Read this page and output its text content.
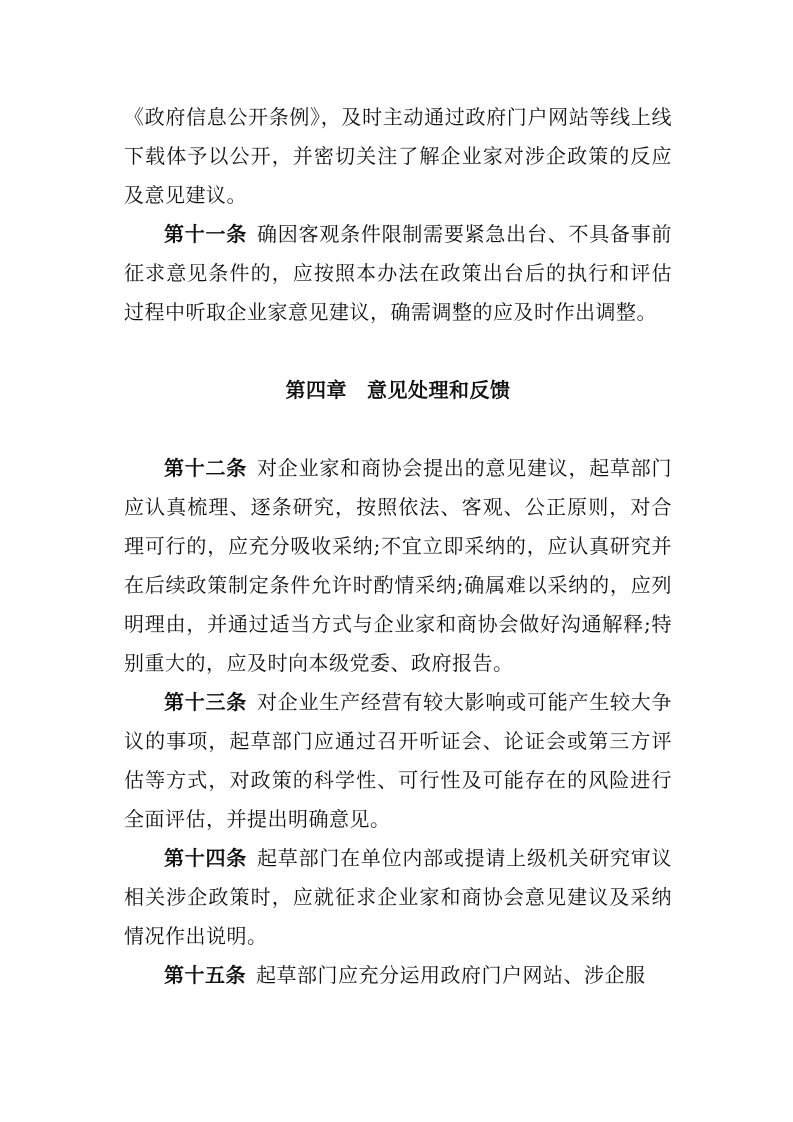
《政府信息公开条例》，及时主动通过政府门户网站等线上线下载体予以公开，并密切关注了解企业家对涉企政策的反应及意见建议。

第十一条 确因客观条件限制需要紧急出台、不具备事前征求意见条件的，应按照本办法在政策出台后的执行和评估过程中听取企业家意见建议，确需调整的应及时作出调整。

第四章 意见处理和反馈

第十二条 对企业家和商协会提出的意见建议，起草部门应认真梳理、逐条研究，按照依法、客观、公正原则，对合理可行的，应充分吸收采纳;不宜立即采纳的，应认真研究并在后续政策制定条件允许时酌情采纳;确属难以采纳的，应列明理由，并通过适当方式与企业家和商协会做好沟通解释;特别重大的，应及时向本级党委、政府报告。

第十三条 对企业生产经营有较大影响或可能产生较大争议的事项，起草部门应通过召开听证会、论证会或第三方评估等方式，对政策的科学性、可行性及可能存在的风险进行全面评估，并提出明确意见。

第十四条 起草部门在单位内部或提请上级机关研究审议相关涉企政策时，应就征求企业家和商协会意见建议及采纳情况作出说明。

第十五条 起草部门应充分运用政府门户网站、涉企服
